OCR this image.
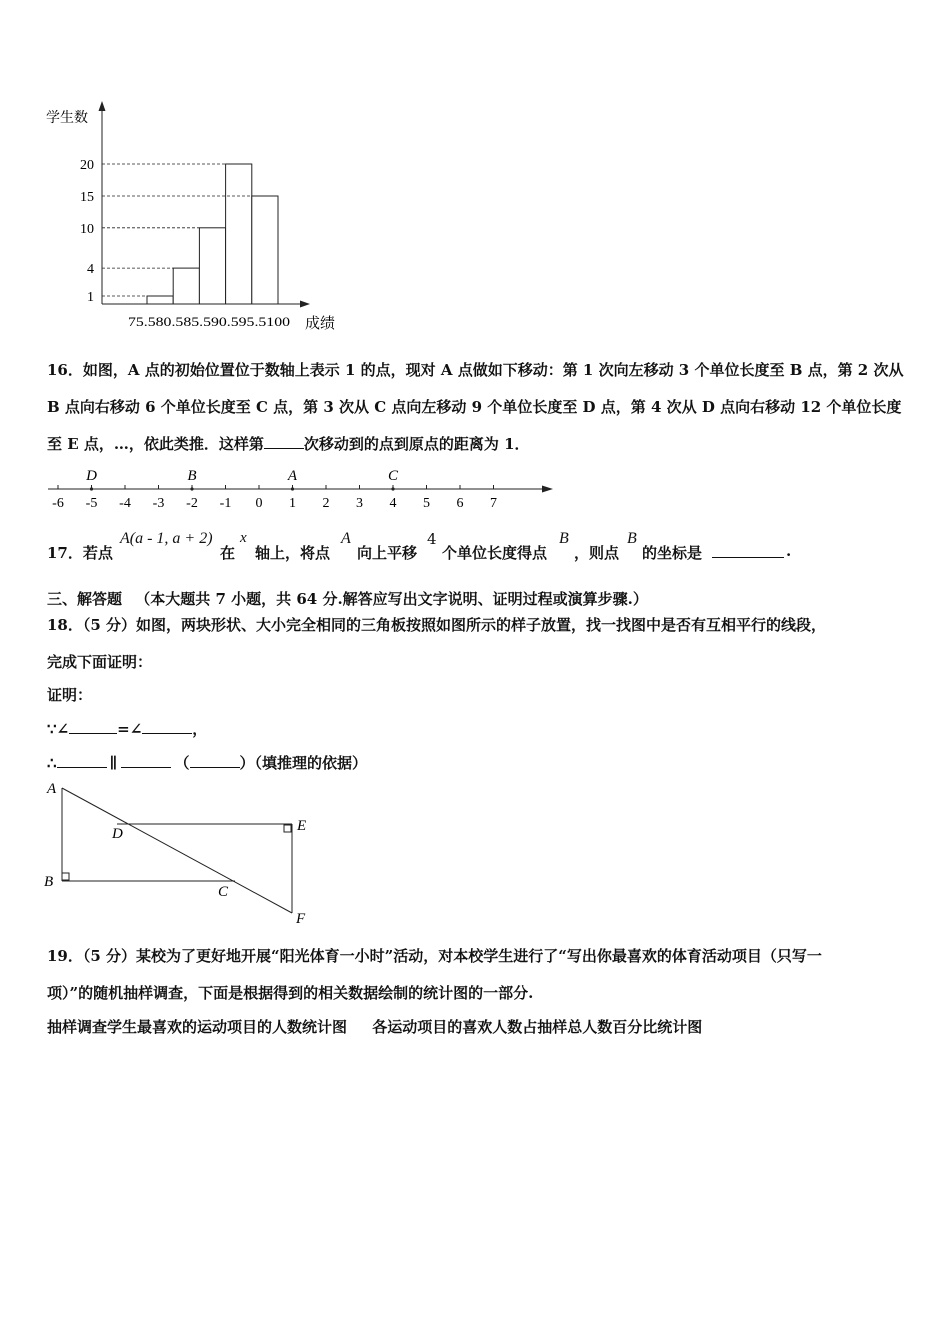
1
4
10
15
20
75.580.585.590.595.5100
学生数
成绩
16．如图，A 点的初始位置位于数轴上表示 1 的点，现对 A 点做如下移动：第 1 次向左移动 3 个单位长度至 B 点，第 2 次从 B 点向右移动 6 个单位长度至 C 点，第 3 次从 C 点向左移动 9 个单位长度至 D 点，第 4 次从 D 点向右移动 12 个单位长度至 E 点，…，依此类推．这样第	次移动到的点到原点的距离为 1．
-6 -5 -4 -3 -2 -1 0 1 2 3 4 5 6 7
D	B	A	C
17．若点
A(a - 1, a + 2)
在
x
轴上，将点
A
向上平移
4
个单位长度得点
B
，则点
B
的坐标是	.
三、解答题 （本大题共 7 小题，共 64 分.解答应写出文字说明、证明过程或演算步骤.）
18．（5 分）如图，两块形状、大小完全相同的三角板按照如图所示的样子放置，找一找图中是否有互相平行的线段，
完成下面证明：
证明：
∵∠	=∠	，
∴	∥	（	）（填推理的依据）
A
B
C
D	E
F
19．（5 分）某校为了更好地开展“阳光体育一小时”活动，对本校学生进行了“写出你最喜欢的体育活动项目（只写一
项）”的随机抽样调查，下面是根据得到的相关数据绘制的统计图的一部分.
抽样调查学生最喜欢的运动项目的人数统计图 各运动项目的喜欢人数占抽样总人数百分比统计图
